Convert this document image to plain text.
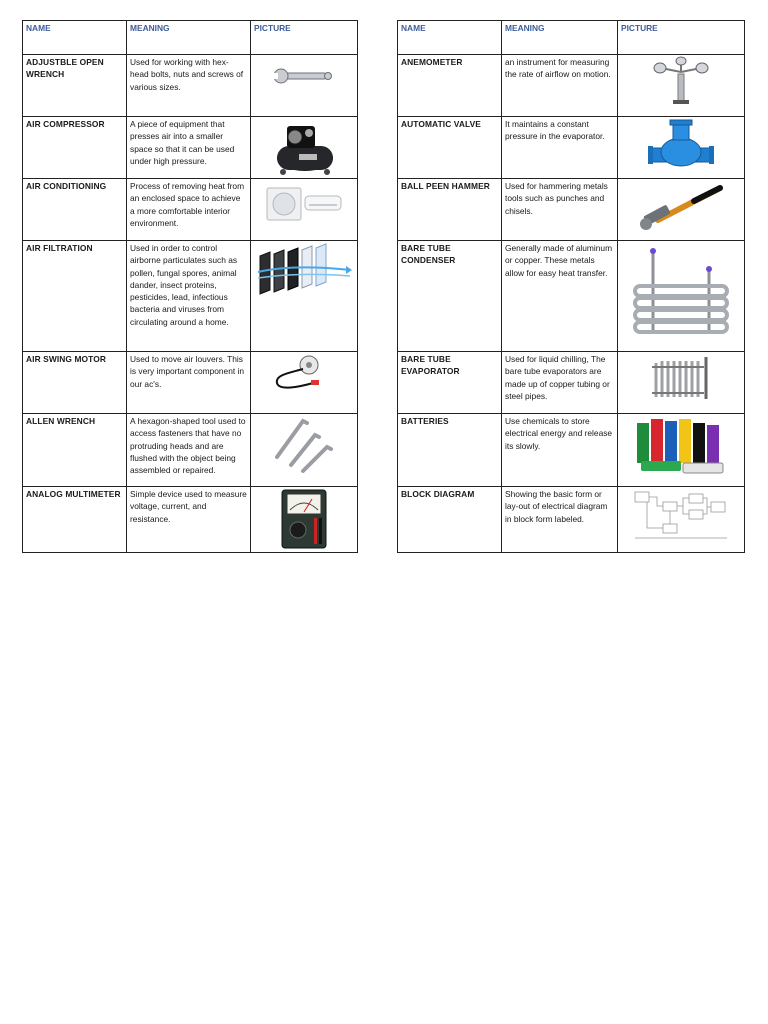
NAME	MEANING	PICTURE
ADJUSTBLE OPEN WRENCH	Used for working with hex-head bolts, nuts and screws of various sizes.	

AIR COMPRESSOR	A piece of equipment that presses air into a smaller space so that it can be used under high pressure.	

AIR CONDITIONING	Process of removing heat from an enclosed space to achieve a more comfortable interior environment.	

AIR FILTRATION	Used in order to control airborne particulates such as pollen, fungal spores, animal dander, insect proteins, pesticides, lead, infectious bacteria and viruses from circulating around a home.	

AIR SWING MOTOR	Used to move air louvers. This is very important component in our ac's.	

ALLEN WRENCH	A hexagon-shaped tool used to access fasteners that have no protruding heads and are flushed with the object being assembled or repaired.	

ANALOG MULTIMETER	Simple device used to measure voltage, current, and resistance.	
NAME	MEANING	PICTURE
ANEMOMETER	an instrument for measuring the rate of airflow on motion.	

AUTOMATIC VALVE	It maintains a constant pressure in the evaporator.	

BALL PEEN HAMMER	Used for hammering metals tools such as punches and chisels.	

BARE TUBE CONDENSER	Generally made of aluminum or copper. These metals allow for easy heat transfer.	

BARE TUBE EVAPORATOR	Used for liquid chilling, The bare tube evaporators are made up of copper tubing or steel pipes.	

BATTERIES	Use chemicals to store electrical energy and release its slowly.	

BLOCK DIAGRAM	Showing the basic form or lay-out of electrical diagram in block form labeled.	
